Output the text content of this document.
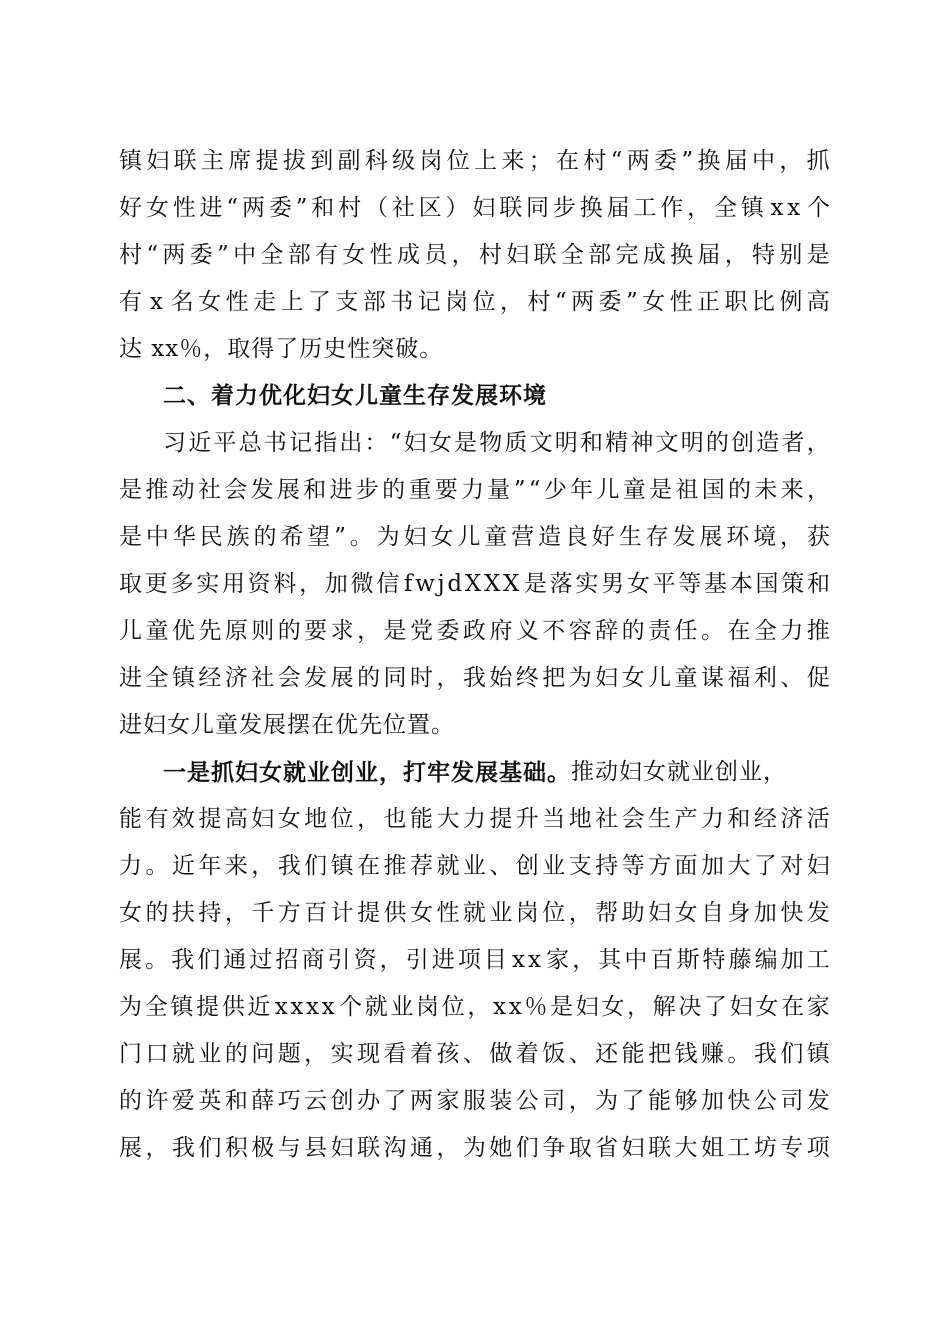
镇 妇 联 主 席 提 拔 到 副 科 级 岗 位 上 来 ； 在 村 “ 两 委 ” 换 届 中 ， 抓
好 女 性 进 “ 两 委 ” 和 村 （ 社 区 ） 妇 联 同 步 换 届 工 作 ， 全 镇 x x 个
村 “ 两 委 ” 中 全 部 有 女 性 成 员 ， 村 妇 联 全 部 完 成 换 届 ， 特 别 是
有 x 名 女 性 走 上 了 支 部 书 记 岗 位 ， 村 “ 两 委 ” 女 性 正 职 比 例 高
达 xx％，取得了历史性突破。
二、着力优化妇女儿童生存发展环境
习 近 平 总 书 记 指 出 ： “ 妇 女 是 物 质 文 明 和 精 神 文 明 的 创 造 者 ，
是 推 动 社 会 发 展 和 进 步 的 重 要 力 量 ” “ 少 年 儿 童 是 祖 国 的 未 来 ，
是 中 华 民 族 的 希 望 ” 。 为 妇 女 儿 童 营 造 良 好 生 存 发 展 环 境 ， 获
取 更 多 实 用 资 料 ， 加 微 信 f w j d X X X 是 落 实 男 女 平 等 基 本 国 策 和
儿 童 优 先 原 则 的 要 求 ， 是 党 委 政 府 义 不 容 辞 的 责 任 。 在 全 力 推
进 全 镇 经 济 社 会 发 展 的 同 时 ， 我 始 终 把 为 妇 女 儿 童 谋 福 利 、 促
进妇女儿童发展摆在优先位置。
一是抓妇女就业创业，打牢发展基础。 推动妇女就业创业，
能 有 效 提 高 妇 女 地 位 ， 也 能 大 力 提 升 当 地 社 会 生 产 力 和 经 济 活
力 。 近 年 来 ， 我 们 镇 在 推 荐 就 业 、 创 业 支 持 等 方 面 加 大 了 对 妇
女 的 扶 持 ， 千 方 百 计 提 供 女 性 就 业 岗 位 ， 帮 助 妇 女 自 身 加 快 发
展 。 我 们 通 过 招 商 引 资 ， 引 进 项 目 x x 家 ， 其 中 百 斯 特 藤 编 加 工
为 全 镇 提 供 近 x x x x 个 就 业 岗 位 ， x x ％ 是 妇 女 ， 解 决 了 妇 女 在 家
门 口 就 业 的 问 题 ， 实 现 看 着 孩 、 做 着 饭 、 还 能 把 钱 赚 。 我 们 镇
的 许 爱 英 和 薛 巧 云 创 办 了 两 家 服 装 公 司 ， 为 了 能 够 加 快 公 司 发
展 ， 我 们 积 极 与 县 妇 联 沟 通 ， 为 她 们 争 取 省 妇 联 大 姐 工 坊 专 项
